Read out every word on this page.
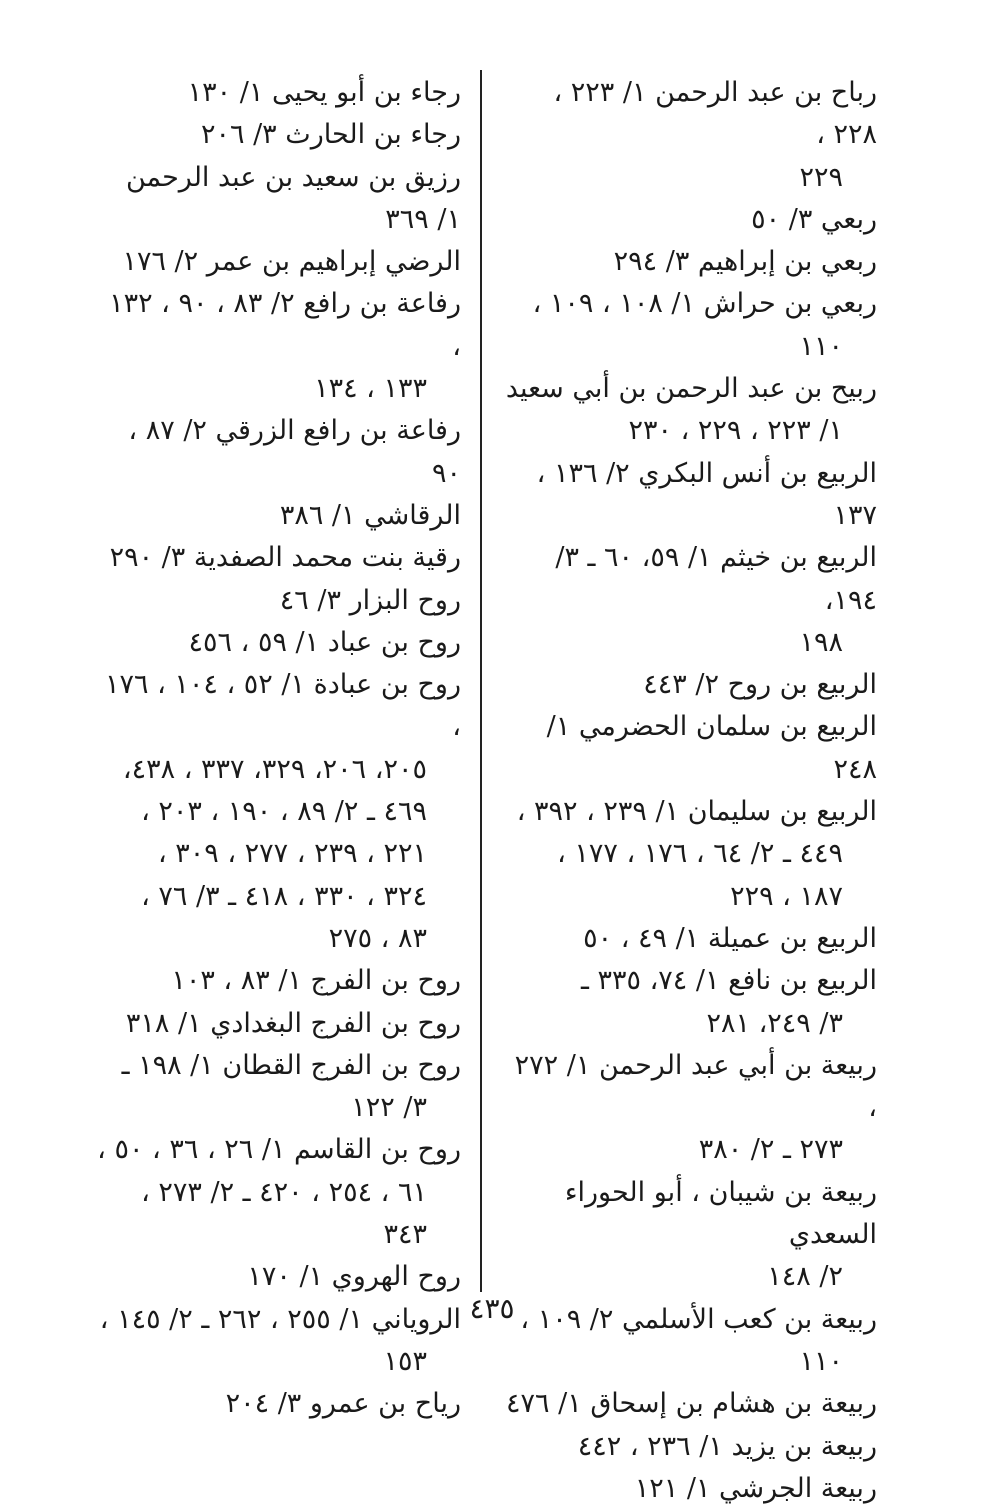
رباح بن عبد الرحمن ١/ ٢٢٣ ، ٢٢٨ ،

٢٢٩

ربعي ٣/ ٥٠

ربعي بن إبراهيم ٣/ ٢٩٤

ربعي بن حراش ١/ ١٠٨ ، ١٠٩ ،

١١٠

ربيح بن عبد الرحمن بن أبي سعيد

١/ ٢٢٣ ، ٢٢٩ ، ٢٣٠

الربيع بن أنس البكري ٢/ ١٣٦ ، ١٣٧

الربيع بن خيثم ١/ ٥٩، ٦٠ ـ ٣/ ١٩٤،

١٩٨

الربيع بن روح ٢/ ٤٤٣

الربيع بن سلمان الحضرمي ١/ ٢٤٨

الربيع بن سليمان ١/ ٢٣٩ ، ٣٩٢ ،

٤٤٩ ـ ٢/ ٦٤ ، ١٧٦ ، ١٧٧ ،

١٨٧ ، ٢٢٩

الربيع بن عميلة ١/ ٤٩ ، ٥٠

الربيع بن نافع ١/ ٧٤، ٣٣٥ ـ

٣/ ٢٤٩، ٢٨١

ربيعة بن أبي عبد الرحمن ١/ ٢٧٢ ،

٢٧٣ ـ ٢/ ٣٨٠

ربيعة بن شيبان ، أبو الحوراء السعدي

٢/ ١٤٨

ربيعة بن كعب الأسلمي ٢/ ١٠٩ ،

١١٠

ربيعة بن هشام بن إسحاق ١/ ٤٧٦

ربيعة بن يزيد ١/ ٢٣٦ ، ٤٤٢

ربيعة الجرشي ١/ ١٢١

رجاء بن أبو يحيى ١/ ١٣٠

رجاء بن الحارث ٣/ ٢٠٦

رزيق بن سعيد بن عبد الرحمن ١/ ٣٦٩

الرضي إبراهيم بن عمر ٢/ ١٧٦

رفاعة بن رافع ٢/ ٨٣ ، ٩٠ ، ١٣٢ ،

١٣٣ ، ١٣٤

رفاعة بن رافع الزرقي ٢/ ٨٧ ، ٩٠

الرقاشي ١/ ٣٨٦

رقية بنت محمد الصفدية ٣/ ٢٩٠

روح البزار ٣/ ٤٦

روح بن عباد ١/ ٥٩ ، ٤٥٦

روح بن عبادة ١/ ٥٢ ، ١٠٤ ، ١٧٦ ،

٢٠٥، ٢٠٦، ٣٢٩، ٣٣٧ ، ٤٣٨،

٤٦٩ ـ ٢/ ٨٩ ، ١٩٠ ، ٢٠٣ ،

٢٢١ ، ٢٣٩ ، ٢٧٧ ، ٣٠٩ ،

٣٢٤ ، ٣٣٠ ، ٤١٨ ـ ٣/ ٧٦ ،

٨٣ ، ٢٧٥

روح بن الفرج ١/ ٨٣ ، ١٠٣

روح بن الفرج البغدادي ١/ ٣١٨

روح بن الفرج القطان ١/ ١٩٨ ـ

٣/ ١٢٢

روح بن القاسم ١/ ٢٦ ، ٣٦ ، ٥٠ ،

٦١ ، ٢٥٤ ، ٤٢٠ ـ ٢/ ٢٧٣ ،

٣٤٣

روح الهروي ١/ ١٧٠

الروياني ١/ ٢٥٥ ، ٢٦٢ ـ ٢/ ١٤٥ ،

١٥٣

رياح بن عمرو ٣/ ٢٠٤

٤٣٥
